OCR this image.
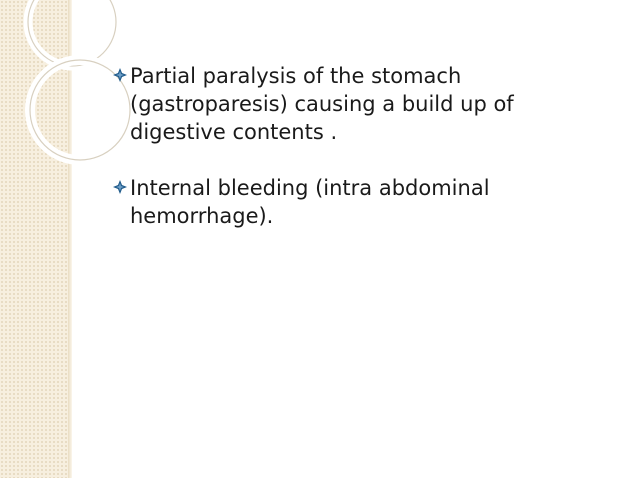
Partial paralysis of the stomach (gastroparesis) causing a build up of digestive contents .
Internal bleeding (intra abdominal hemorrhage).
